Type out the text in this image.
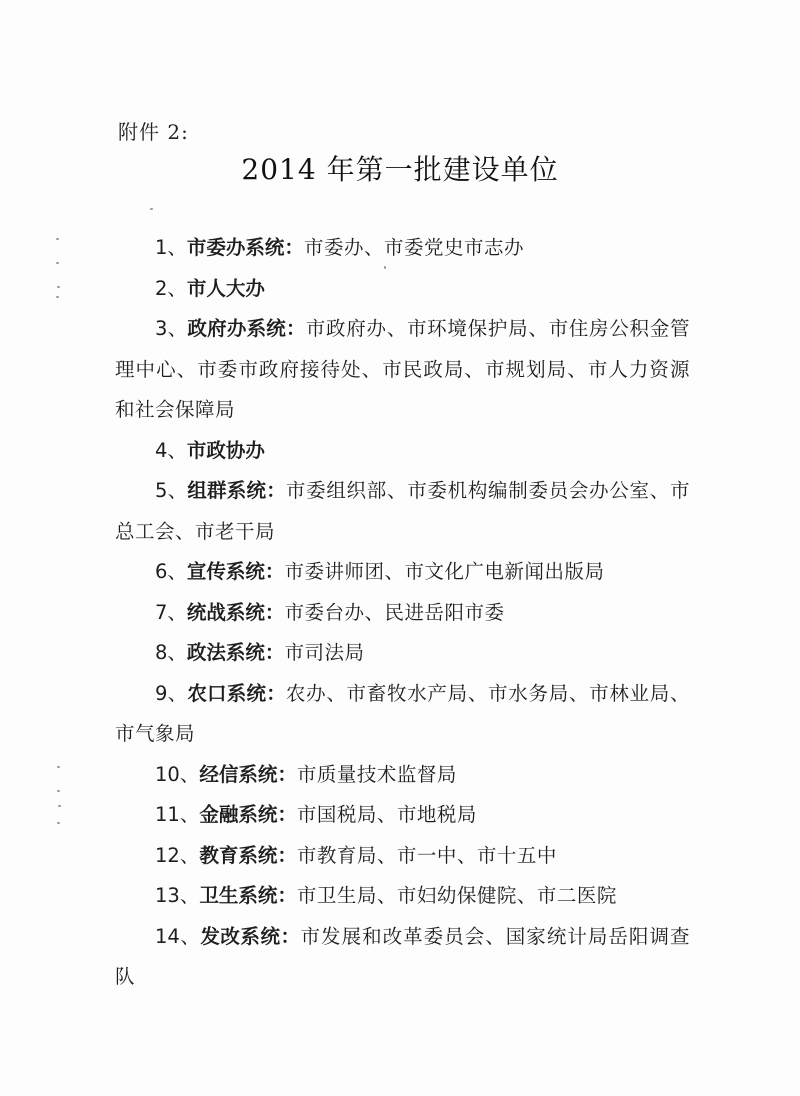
附件 2:
2014 年第一批建设单位
1、市委办系统：市委办、市委党史市志办
2、市人大办
3、政府办系统：市政府办、市环境保护局、市住房公积金管理中心、市委市政府接待处、市民政局、市规划局、市人力资源和社会保障局
4、市政协办
5、组群系统：市委组织部、市委机构编制委员会办公室、市总工会、市老干局
6、宣传系统：市委讲师团、市文化广电新闻出版局
7、统战系统：市委台办、民进岳阳市委
8、政法系统：市司法局
9、农口系统：农办、市畜牧水产局、市水务局、市林业局、市气象局
10、经信系统：市质量技术监督局
11、金融系统：市国税局、市地税局
12、教育系统：市教育局、市一中、市十五中
13、卫生系统：市卫生局、市妇幼保健院、市二医院
14、发改系统：市发展和改革委员会、国家统计局岳阳调查队
